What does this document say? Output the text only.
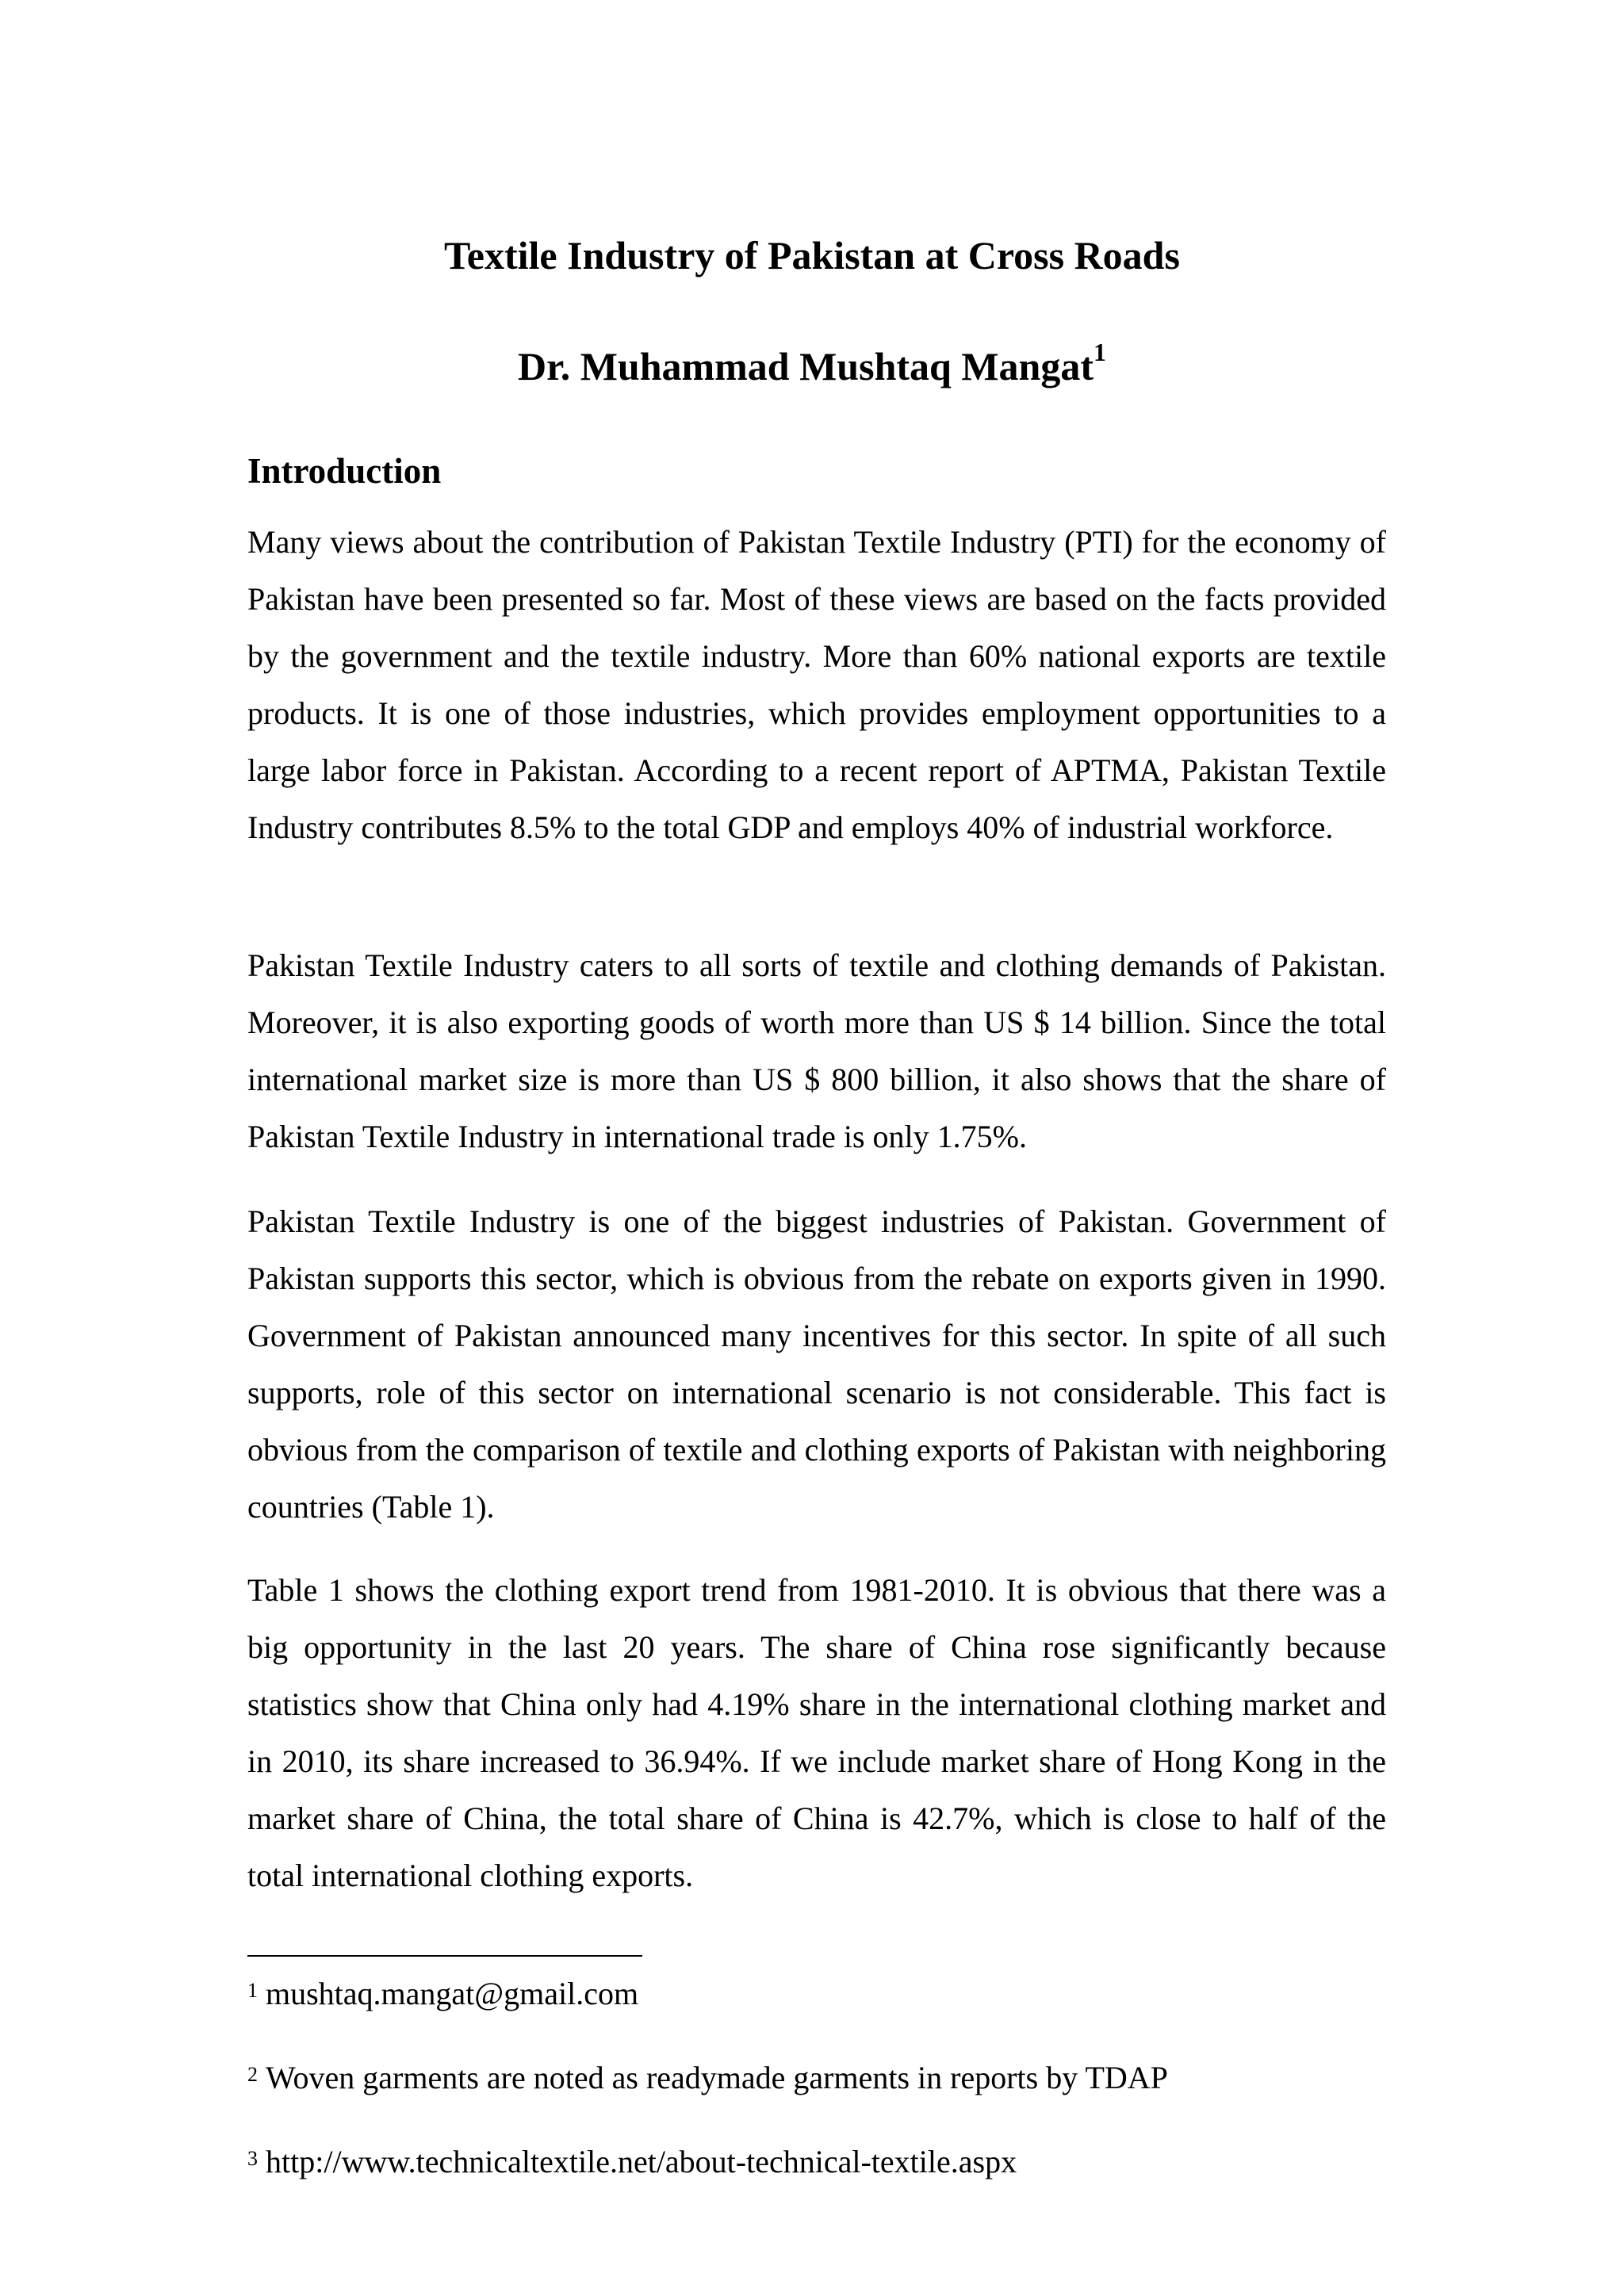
Textile Industry of Pakistan at Cross Roads
Dr. Muhammad Mushtaq Mangat$^1$
Introduction

Many views about the contribution of Pakistan Textile Industry (PTI) for the economy of Pakistan have been presented so far. Most of these views are based on the facts provided by the government and the textile industry. More than 60% national exports are textile products. It is one of those industries, which provides employment opportunities to a large labor force in Pakistan. According to a recent report of APTMA, Pakistan Textile Industry contributes 8.5% to the total GDP and employs 40% of industrial workforce.

Pakistan Textile Industry caters to all sorts of textile and clothing demands of Pakistan. Moreover, it is also exporting goods of worth more than US $ 14 billion. Since the total international market size is more than US $ 800 billion, it also shows that the share of Pakistan Textile Industry in international trade is only 1.75%.

Pakistan Textile Industry is one of the biggest industries of Pakistan. Government of Pakistan supports this sector, which is obvious from the rebate on exports given in 1990. Government of Pakistan announced many incentives for this sector. In spite of all such supports, role of this sector on international scenario is not considerable. This fact is obvious from the comparison of textile and clothing exports of Pakistan with neighboring countries (Table 1).

Table 1 shows the clothing export trend from 1981-2010. It is obvious that there was a big opportunity in the last 20 years. The share of China rose significantly because statistics show that China only had 4.19% share in the international clothing market and in 2010, its share increased to 36.94%. If we include market share of Hong Kong in the market share of China, the total share of China is 42.7%, which is close to half of the total international clothing exports.

$^1$ mushtaq.mangat@gmail.com

$^2$ Woven garments are noted as readymade garments in reports by TDAP

$^3$ http://www.technicaltextile.net/about-technical-textile.aspx
